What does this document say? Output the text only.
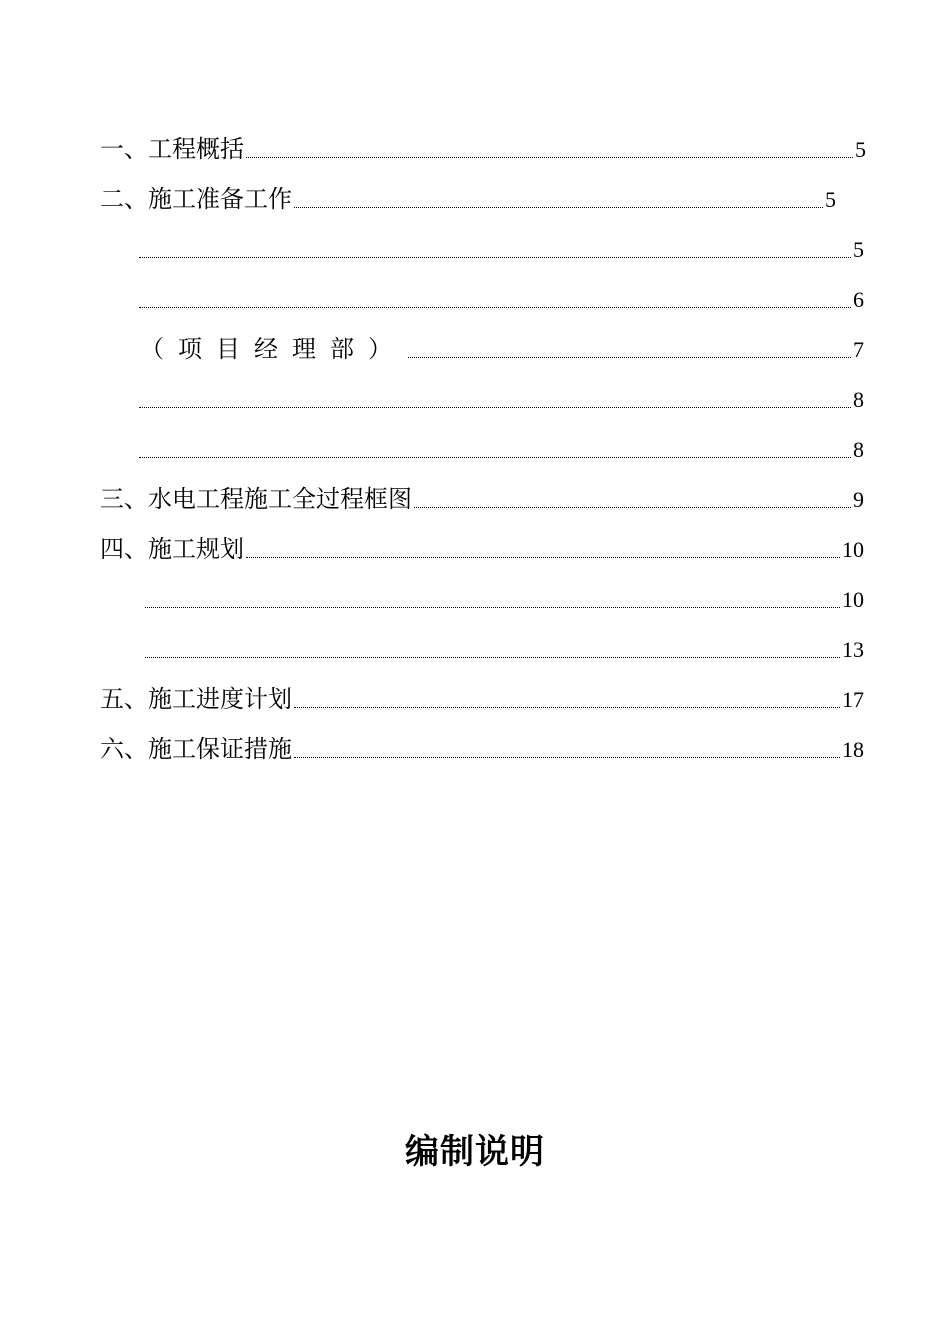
一、工程概括	5
二、施工准备工作	5
5
6
（项目经理部）	7
8
8
三、水电工程施工全过程框图	9
四、施工规划	10
10
13
五、施工进度计划	17
六、施工保证措施	18
编制说明
